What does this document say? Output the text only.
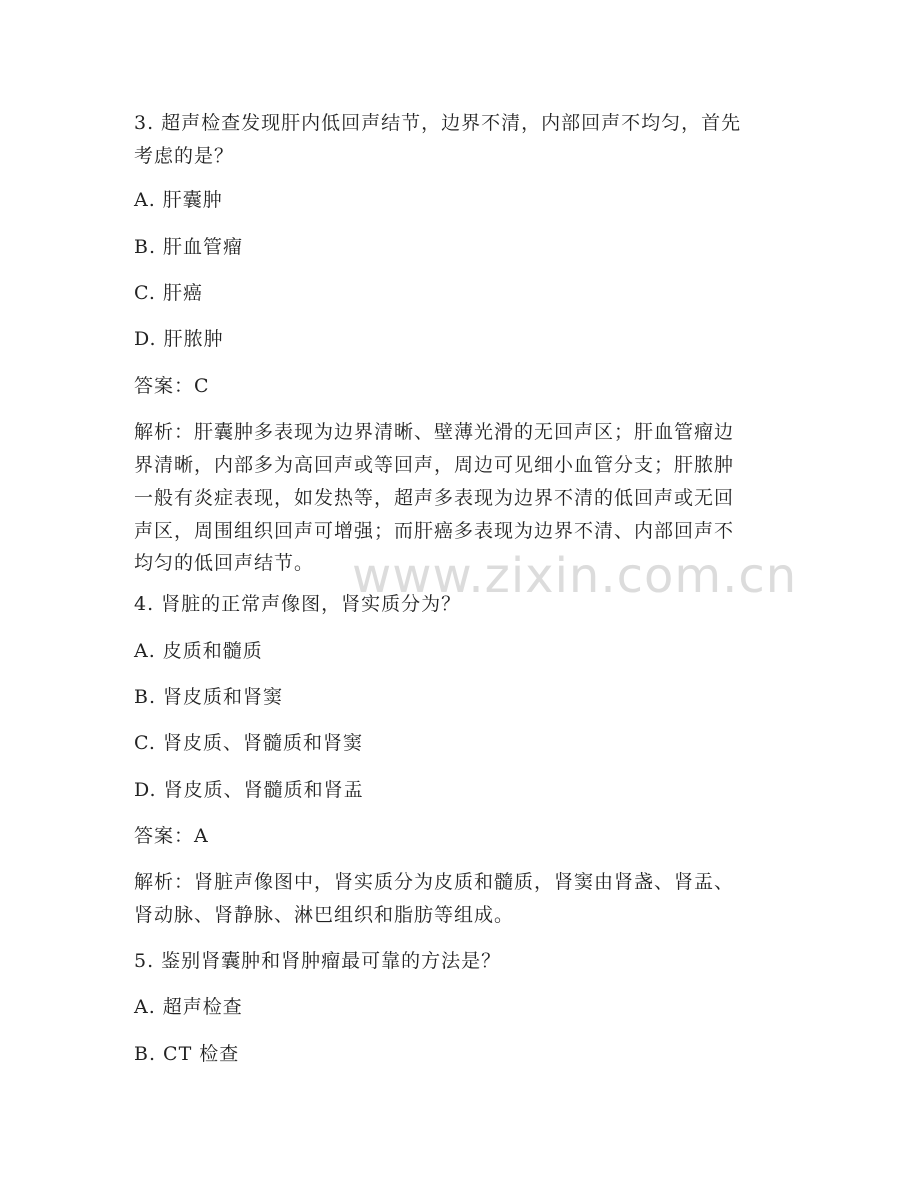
www.zixin.com.cn
3. 超声检查发现肝内低回声结节，边界不清，内部回声不均匀，首先
考虑的是？
A. 肝囊肿
B. 肝血管瘤
C. 肝癌
D. 肝脓肿
答案：C
解析：肝囊肿多表现为边界清晰、壁薄光滑的无回声区；肝血管瘤边
界清晰，内部多为高回声或等回声，周边可见细小血管分支；肝脓肿
一般有炎症表现，如发热等，超声多表现为边界不清的低回声或无回
声区，周围组织回声可增强；而肝癌多表现为边界不清、内部回声不
均匀的低回声结节。
4. 肾脏的正常声像图，肾实质分为？
A. 皮质和髓质
B. 肾皮质和肾窦
C. 肾皮质、肾髓质和肾窦
D. 肾皮质、肾髓质和肾盂
答案：A
解析：肾脏声像图中，肾实质分为皮质和髓质，肾窦由肾盏、肾盂、
肾动脉、肾静脉、淋巴组织和脂肪等组成。
5. 鉴别肾囊肿和肾肿瘤最可靠的方法是？
A. 超声检查
B. CT 检查
